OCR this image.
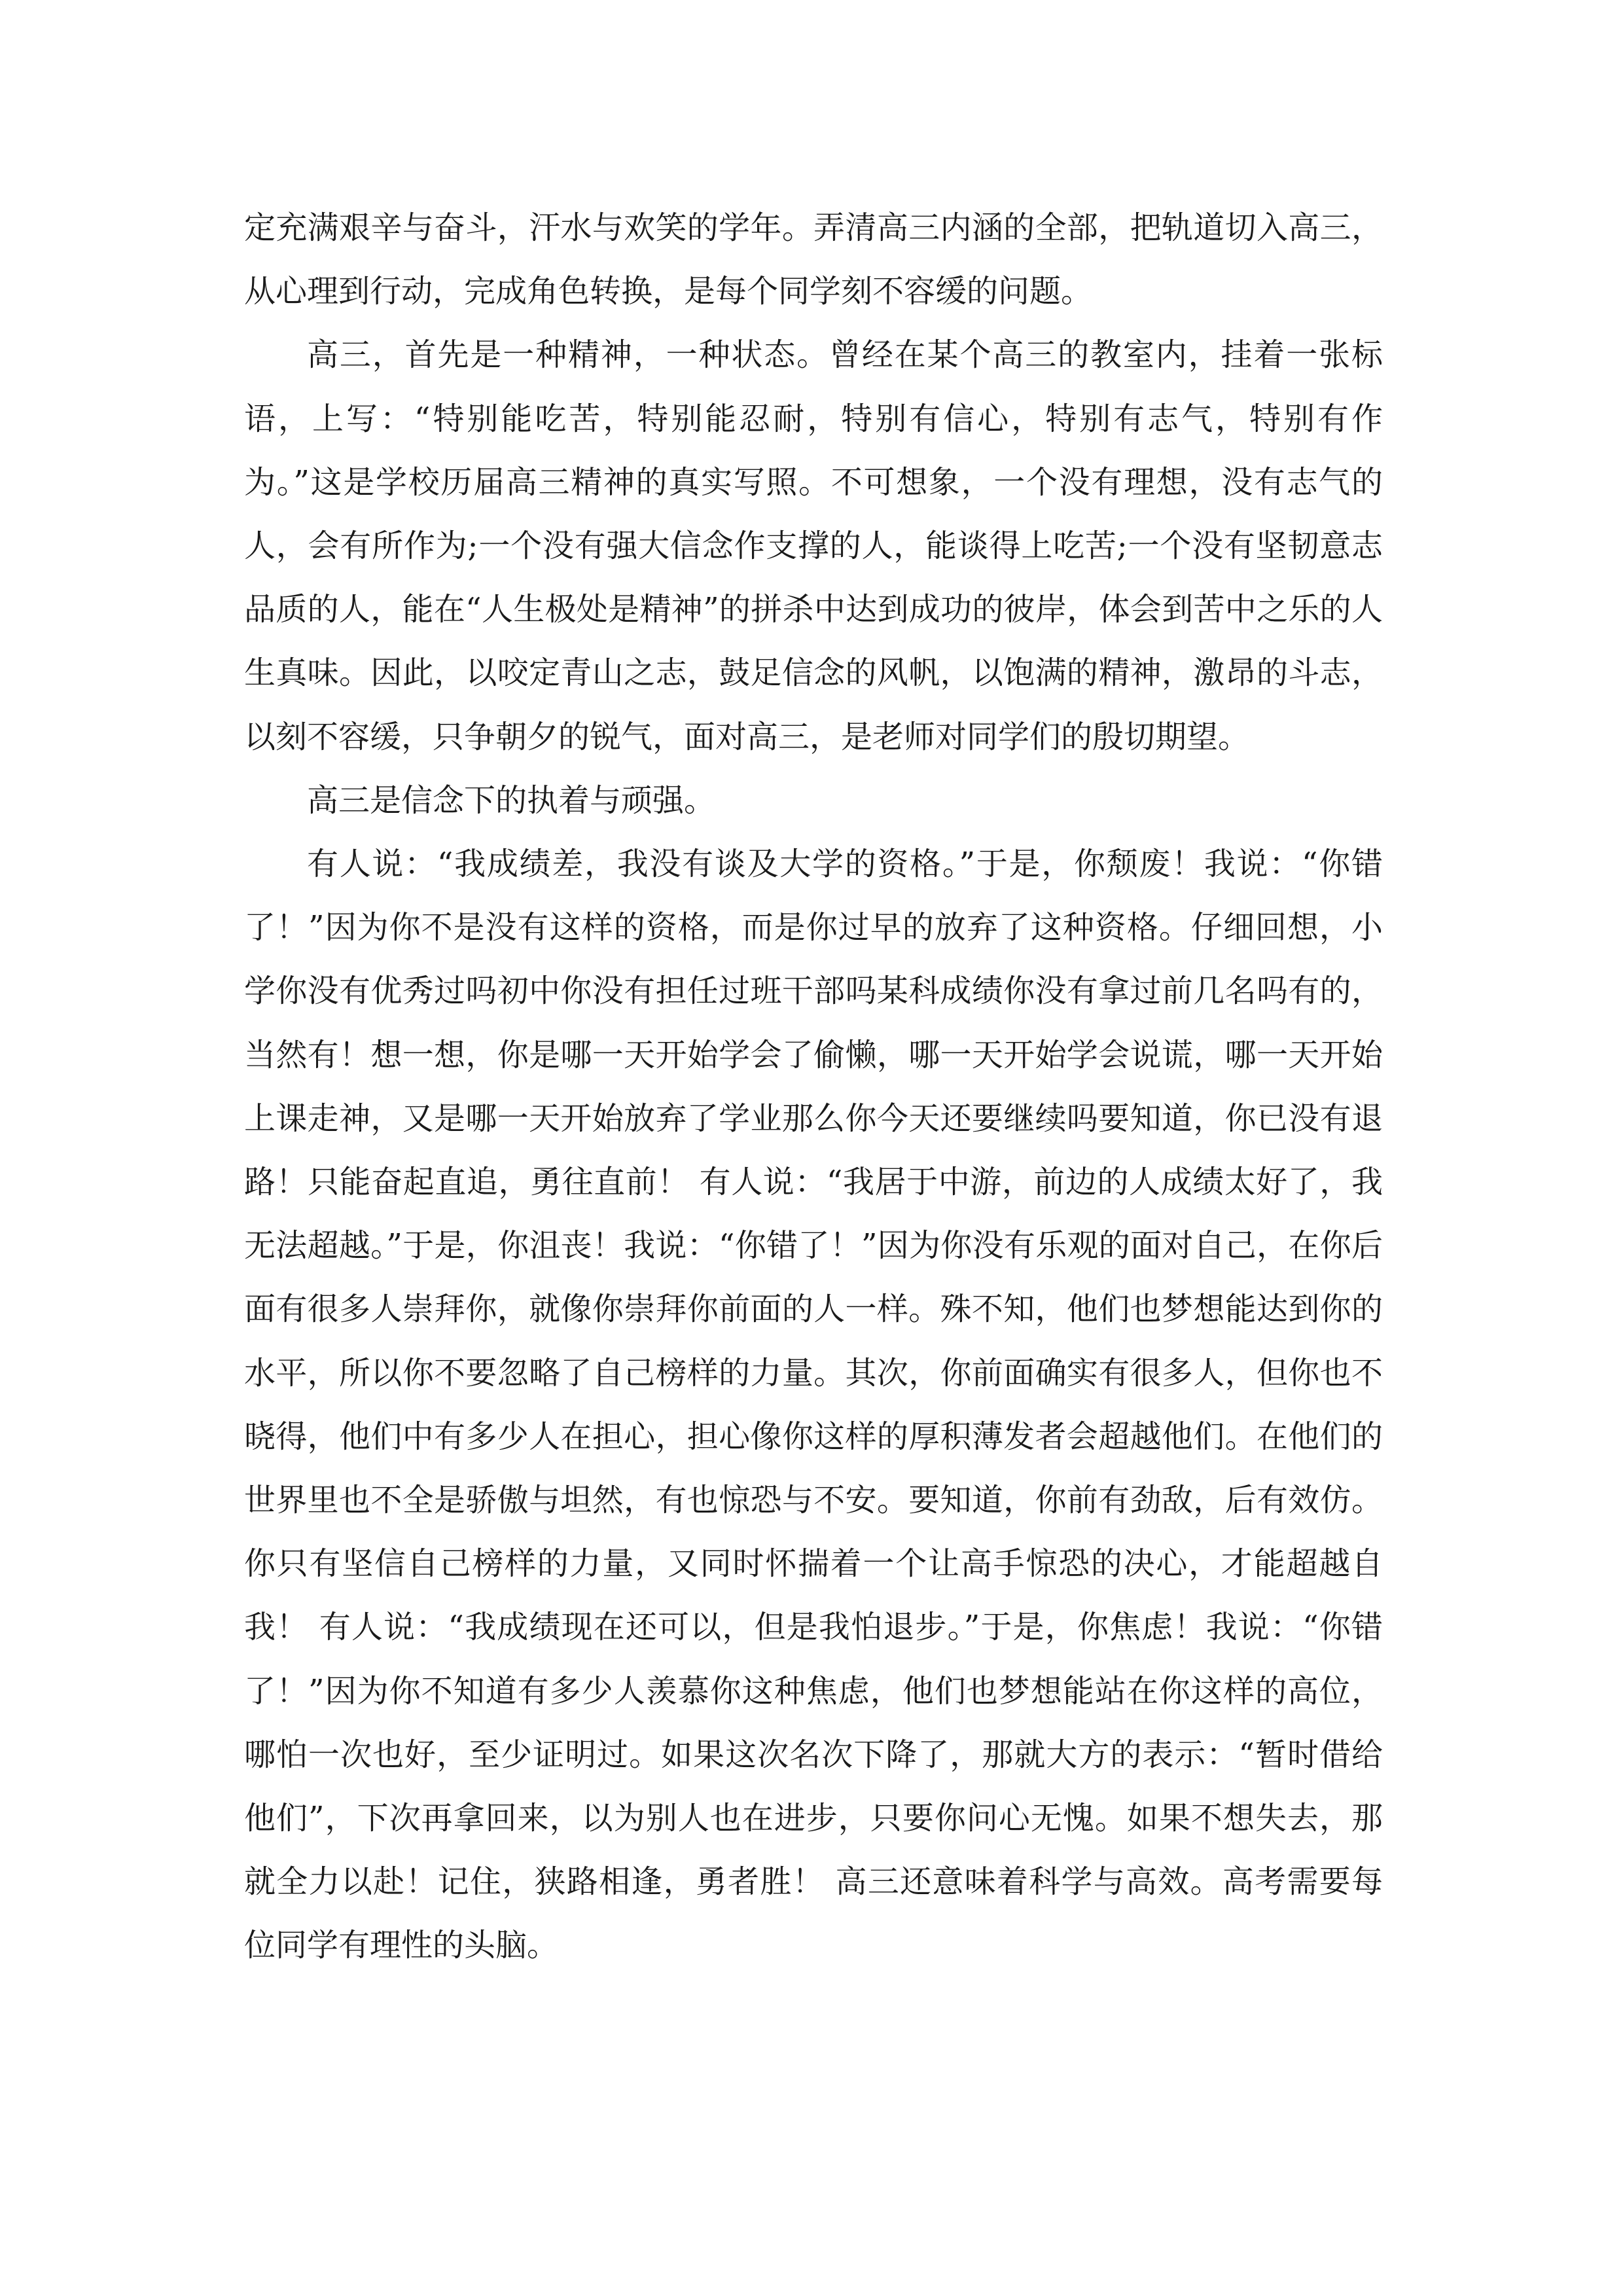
定充满艰辛与奋斗，汗水与欢笑的学年。弄清高三内涵的全部，把轨道切入高三，从心理到行动，完成角色转换，是每个同学刻不容缓的问题。

高三，首先是一种精神，一种状态。曾经在某个高三的教室内，挂着一张标语，上写：“特别能吃苦，特别能忍耐，特别有信心，特别有志气，特别有作为。”这是学校历届高三精神的真实写照。不可想象，一个没有理想，没有志气的人，会有所作为;一个没有强大信念作支撑的人，能谈得上吃苦;一个没有坚韧意志品质的人，能在“人生极处是精神”的拼杀中达到成功的彼岸，体会到苦中之乐的人生真味。因此，以咬定青山之志，鼓足信念的风帆，以饱满的精神，激昂的斗志，以刻不容缓，只争朝夕的锐气，面对高三，是老师对同学们的殷切期望。

高三是信念下的执着与顽强。

有人说：“我成绩差，我没有谈及大学的资格。”于是，你颓废！我说：“你错了！”因为你不是没有这样的资格，而是你过早的放弃了这种资格。仔细回想，小学你没有优秀过吗初中你没有担任过班干部吗某科成绩你没有拿过前几名吗有的，当然有！想一想，你是哪一天开始学会了偷懒，哪一天开始学会说谎，哪一天开始上课走神，又是哪一天开始放弃了学业那么你今天还要继续吗要知道，你已没有退路！只能奋起直追，勇往直前！ 有人说：“我居于中游，前边的人成绩太好了，我无法超越。”于是，你沮丧！我说：“你错了！”因为你没有乐观的面对自己，在你后面有很多人崇拜你，就像你崇拜你前面的人一样。殊不知，他们也梦想能达到你的水平，所以你不要忽略了自己榜样的力量。其次，你前面确实有很多人，但你也不晓得，他们中有多少人在担心，担心像你这样的厚积薄发者会超越他们。在他们的世界里也不全是骄傲与坦然，有也惊恐与不安。要知道，你前有劲敌，后有效仿。你只有坚信自己榜样的力量，又同时怀揣着一个让高手惊恐的决心，才能超越自我！ 有人说：“我成绩现在还可以，但是我怕退步。”于是，你焦虑！我说：“你错了！”因为你不知道有多少人羡慕你这种焦虑，他们也梦想能站在你这样的高位，哪怕一次也好，至少证明过。如果这次名次下降了，那就大方的表示：“暂时借给他们”，下次再拿回来，以为别人也在进步，只要你问心无愧。如果不想失去，那就全力以赴！记住，狭路相逢，勇者胜！ 高三还意味着科学与高效。高考需要每位同学有理性的头脑。
